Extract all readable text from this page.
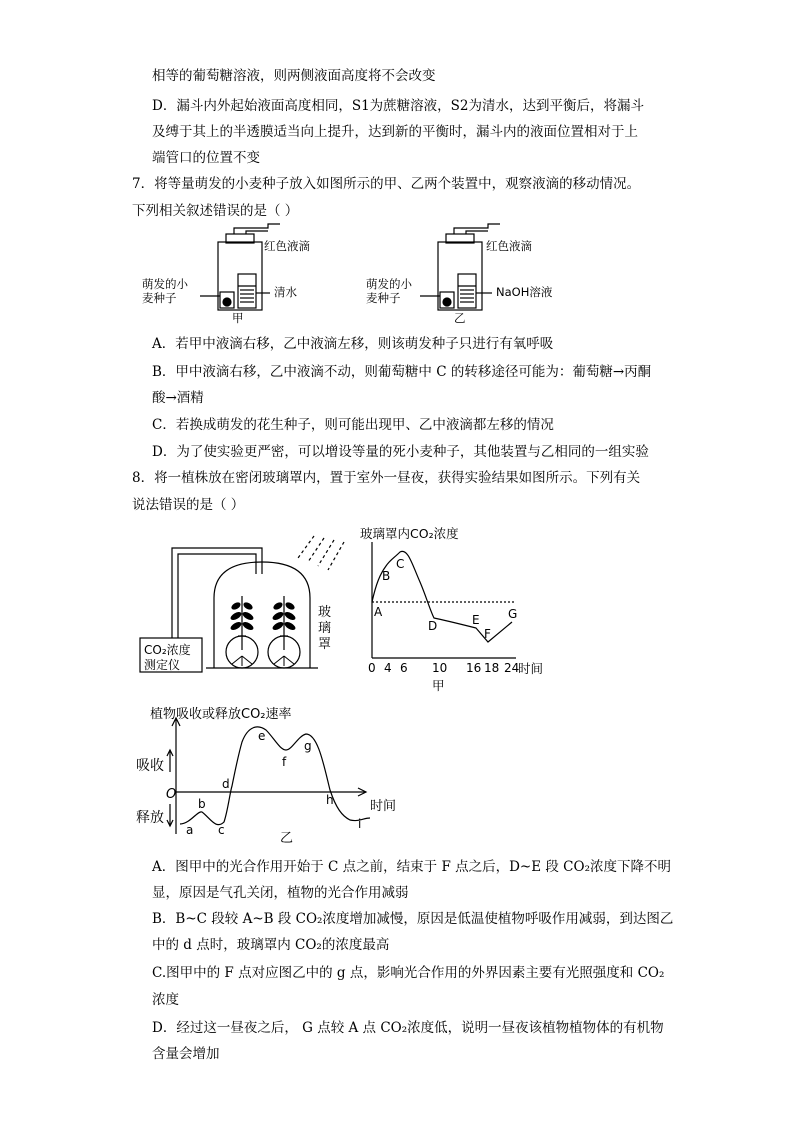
相等的葡萄糖溶液，则两侧液面高度将不会改变
D．漏斗内外起始液面高度相同，S1为蔗糖溶液，S2为清水，达到平衡后，将漏斗
及缚于其上的半透膜适当向上提升，达到新的平衡时，漏斗内的液面位置相对于上
端管口的位置不变
7．将等量萌发的小麦种子放入如图所示的甲、乙两个装置中，观察液滴的移动情况。
下列相关叙述错误的是（ ）
红色液滴
萌发的小
麦种子	清水
甲
红色液滴
萌发的小
麦种子	NaOH溶液
乙
A．若甲中液滴右移，乙中液滴左移，则该萌发种子只进行有氧呼吸
B．甲中液滴右移，乙中液滴不动，则葡萄糖中 C 的转移途径可能为：葡萄糖→丙酮
酸→酒精
C．若换成萌发的花生种子，则可能出现甲、乙中液滴都左移的情况
D．为了使实验更严密，可以增设等量的死小麦种子，其他装置与乙相同的一组实验
8．将一植株放在密闭玻璃罩内，置于室外一昼夜，获得实验结果如图所示。下列有关
说法错误的是（ ）
CO₂浓度
测定仪
玻
璃
罩
玻璃罩内CO₂浓度
A
B
C
D	E
F
G
0 4 6 10 16 18 24
时间
甲
植物吸收或释放CO₂速率
吸收
释放
O
a
b
c
d
e
f
g
h
i
时间
乙
A．图甲中的光合作用开始于 C 点之前，结束于 F 点之后，D~E 段 CO₂浓度下降不明
显，原因是气孔关闭，植物的光合作用减弱
B．B~C 段较 A~B 段 CO₂浓度增加减慢，原因是低温使植物呼吸作用减弱，到达图乙
中的 d 点时，玻璃罩内 CO₂的浓度最高
C.图甲中的 F 点对应图乙中的 g 点，影响光合作用的外界因素主要有光照强度和 CO₂
浓度
D．经过这一昼夜之后， G 点较 A 点 CO₂浓度低，说明一昼夜该植物植物体的有机物
含量会增加
